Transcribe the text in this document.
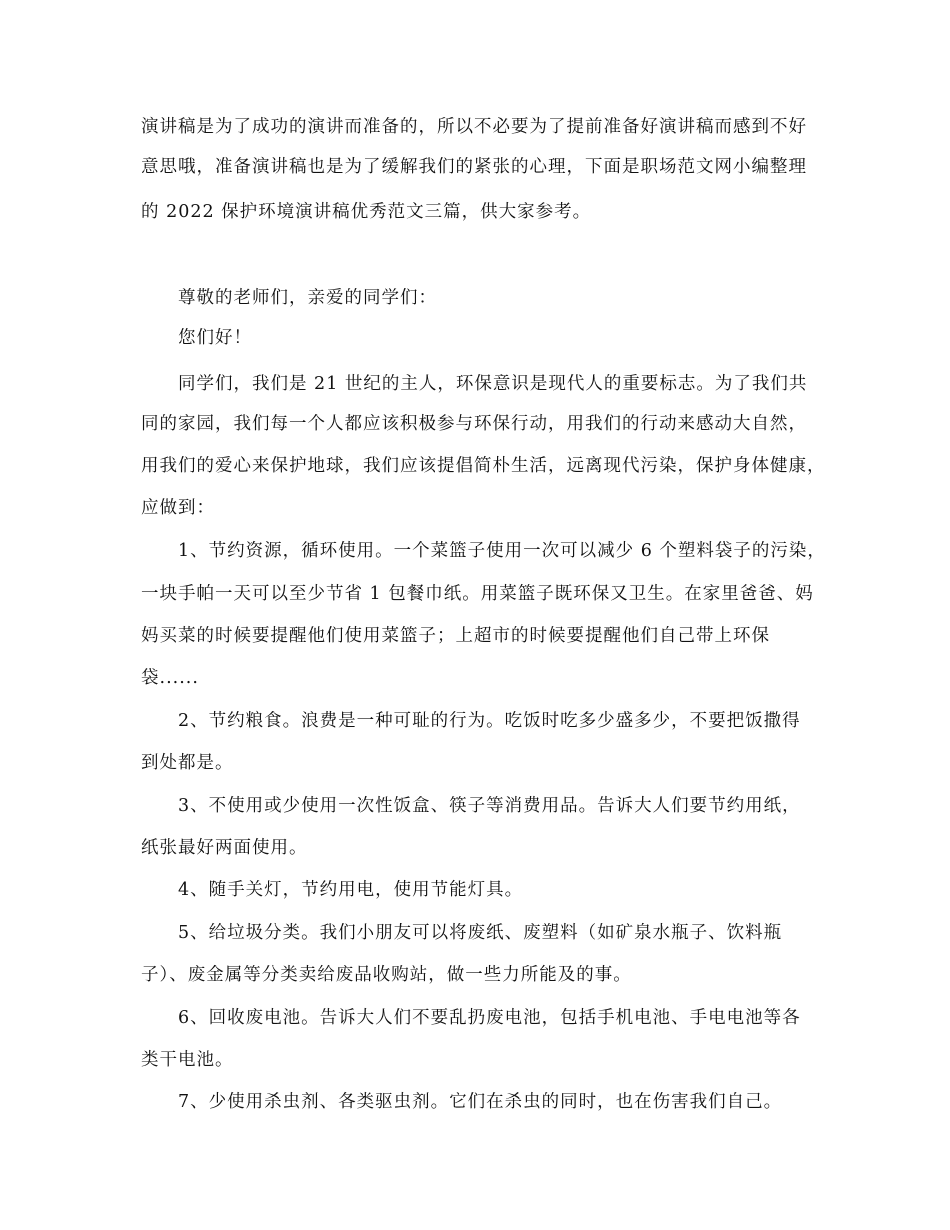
演讲稿是为了成功的演讲而准备的，所以不必要为了提前准备好演讲稿而感到不好

意思哦，准备演讲稿也是为了缓解我们的紧张的心理，下面是职场范文网小编整理

的 2022 保护环境演讲稿优秀范文三篇，供大家参考。

尊敬的老师们，亲爱的同学们：

您们好！

同学们，我们是 21 世纪的主人，环保意识是现代人的重要标志。为了我们共

同的家园，我们每一个人都应该积极参与环保行动，用我们的行动来感动大自然，

用我们的爱心来保护地球，我们应该提倡简朴生活，远离现代污染，保护身体健康，

应做到：

1、节约资源，循环使用。一个菜篮子使用一次可以减少 6 个塑料袋子的污染，

一块手帕一天可以至少节省 1 包餐巾纸。用菜篮子既环保又卫生。在家里爸爸、妈

妈买菜的时候要提醒他们使用菜篮子；上超市的时候要提醒他们自己带上环保

袋......

2、节约粮食。浪费是一种可耻的行为。吃饭时吃多少盛多少，不要把饭撒得

到处都是。

3、不使用或少使用一次性饭盒、筷子等消费用品。告诉大人们要节约用纸，

纸张最好两面使用。

4、随手关灯，节约用电，使用节能灯具。

5、给垃圾分类。我们小朋友可以将废纸、废塑料（如矿泉水瓶子、饮料瓶

子）、废金属等分类卖给废品收购站，做一些力所能及的事。

6、回收废电池。告诉大人们不要乱扔废电池，包括手机电池、手电电池等各

类干电池。

7、少使用杀虫剂、各类驱虫剂。它们在杀虫的同时，也在伤害我们自己。
